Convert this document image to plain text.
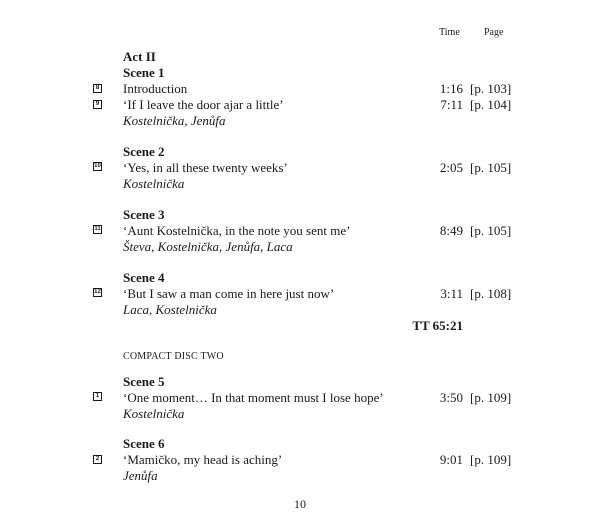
Time Page
Act II
Scene 1
8 Introduction	1:16 [p. 103]
9 ‘If I leave the door ajar a little’	7:11 [p. 104]
Kostelnička, Jenůfa
Scene 2
10 ‘Yes, in all these twenty weeks’	2:05 [p. 105]
Kostelnička
Scene 3
11 ‘Aunt Kostelnička, in the note you sent me’	8:49 [p. 105]
Števa, Kostelnička, Jenůfa, Laca
Scene 4
12 ‘But I saw a man come in here just now’	3:11 [p. 108]
Laca, Kostelnička
TT 65:21
COMPACT DISC TWO
Scene 5
1 ‘One moment… In that moment must I lose hope’	3:50 [p. 109]
Kostelnička
Scene 6
2 ‘Mamičko, my head is aching’	9:01 [p. 109]
Jenůfa
10
